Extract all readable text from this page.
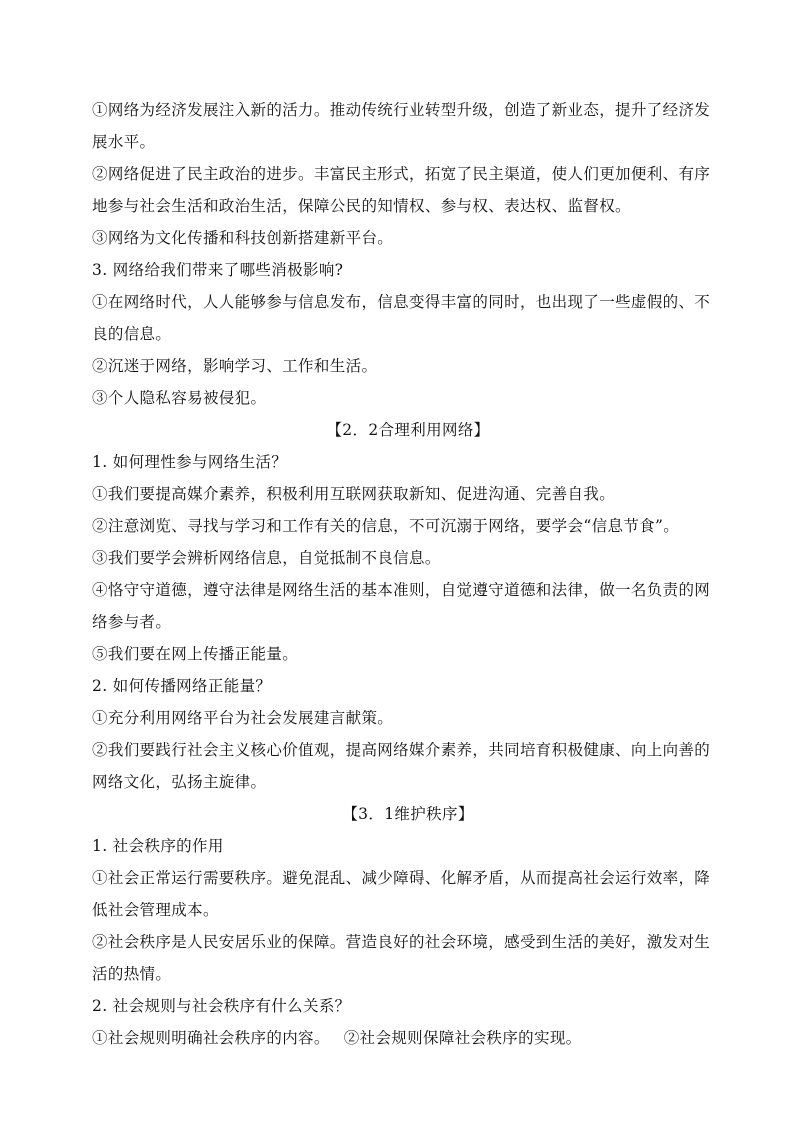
①网络为经济发展注入新的活力。推动传统行业转型升级，创造了新业态，提升了经济发
展水平。
②网络促进了民主政治的进步。丰富民主形式，拓宽了民主渠道，使人们更加便利、有序
地参与社会生活和政治生活，保障公民的知情权、参与权、表达权、监督权。
③网络为文化传播和科技创新搭建新平台。
3. 网络给我们带来了哪些消极影响?
①在网络时代，人人能够参与信息发布，信息变得丰富的同时，也出现了一些虚假的、不
良的信息。
②沉迷于网络，影响学习、工作和生活。
③个人隐私容易被侵犯。
【2．2合理利用网络】
1. 如何理性参与网络生活？
①我们要提高媒介素养，积极利用互联网获取新知、促进沟通、完善自我。
②注意浏览、寻找与学习和工作有关的信息，不可沉溺于网络，要学会“信息节食”。
③我们要学会辨析网络信息，自觉抵制不良信息。
④恪守守道德，遵守法律是网络生活的基本准则，自觉遵守道德和法律，做一名负责的网
络参与者。
⑤我们要在网上传播正能量。
2. 如何传播网络正能量？
①充分利用网络平台为社会发展建言献策。
②我们要践行社会主义核心价值观，提高网络媒介素养，共同培育积极健康、向上向善的
网络文化，弘扬主旋律。
【3．1维护秩序】
1. 社会秩序的作用
①社会正常运行需要秩序。避免混乱、减少障碍、化解矛盾，从而提高社会运行效率，降
低社会管理成本。
②社会秩序是人民安居乐业的保障。营造良好的社会环境，感受到生活的美好，激发对生
活的热情。
2. 社会规则与社会秩序有什么关系？
①社会规则明确社会秩序的内容。 ②社会规则保障社会秩序的实现。
